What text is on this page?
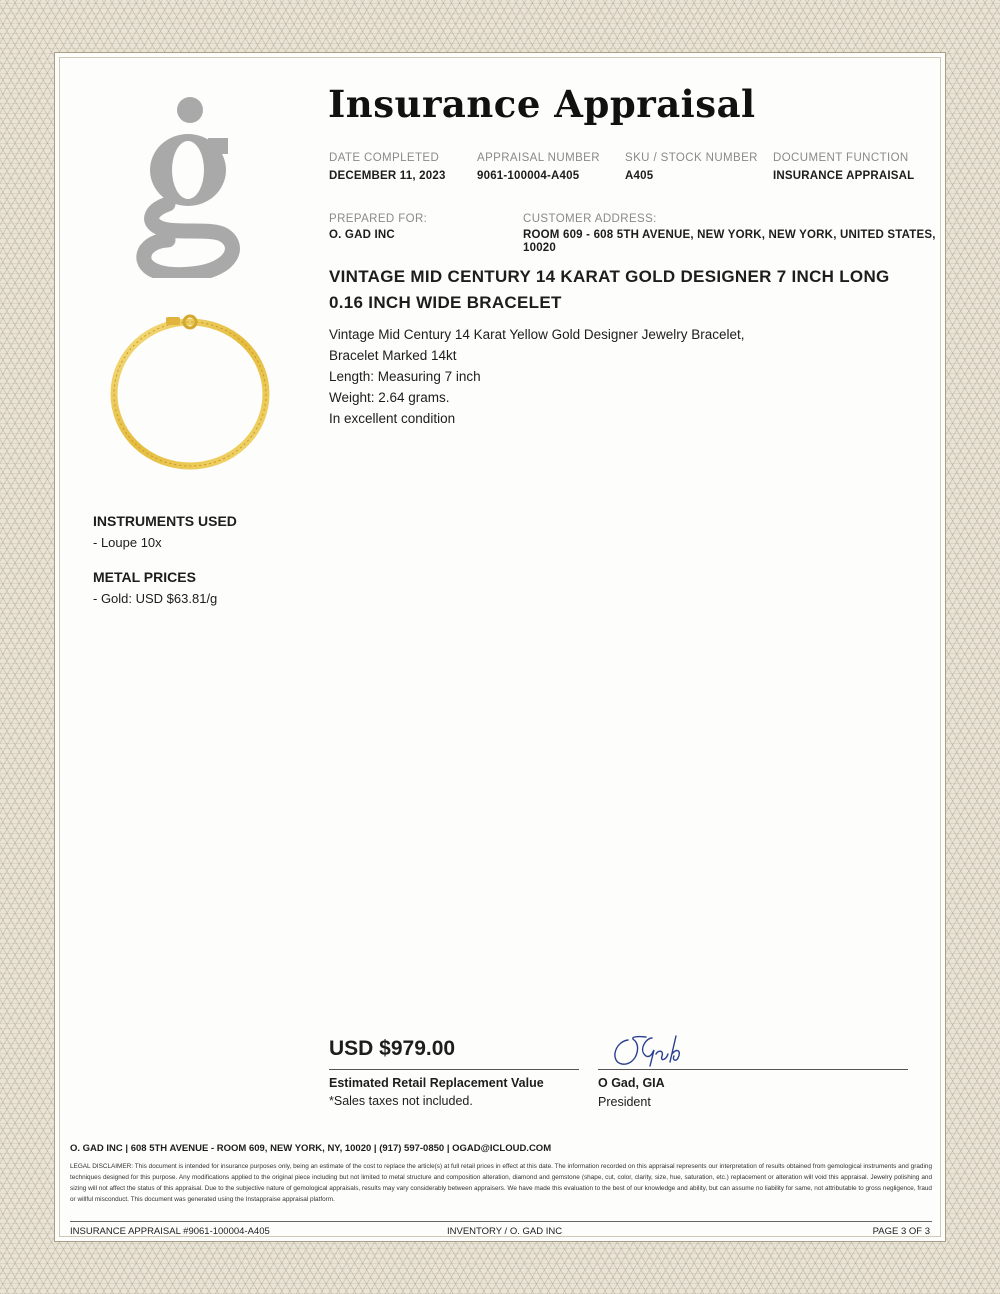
Insurance Appraisal
DATE COMPLETED
DECEMBER 11, 2023
APPRAISAL NUMBER
9061-100004-A405
SKU / STOCK NUMBER
A405
DOCUMENT FUNCTION
INSURANCE APPRAISAL
PREPARED FOR:
O. GAD INC
CUSTOMER ADDRESS:
ROOM 609 - 608 5TH AVENUE, NEW YORK, NEW YORK, UNITED STATES,
10020
VINTAGE MID CENTURY 14 KARAT GOLD DESIGNER 7 INCH LONG
0.16 INCH WIDE BRACELET
Vintage Mid Century 14 Karat Yellow Gold Designer Jewelry Bracelet,
Bracelet Marked 14kt
Length: Measuring 7 inch
Weight: 2.64 grams.
In excellent condition
INSTRUMENTS USED
- Loupe 10x
METAL PRICES
- Gold: USD $63.81/g
USD $979.00
Estimated Retail Replacement Value
*Sales taxes not included.
O Gad, GIA
President
O. GAD INC | 608 5TH AVENUE - ROOM 609, NEW YORK, NY, 10020 | (917) 597-0850 | OGAD@ICLOUD.COM
LEGAL DISCLAIMER: This document is intended for insurance purposes only, being an estimate of the cost to replace the article(s) at full retail prices in effect at this date. The information recorded on this appraisal represents our interpretation of results obtained from gemological instruments and grading techniques designed for this purpose. Any modifications applied to the original piece including but not limited to metal structure and composition alteration, diamond and gemstone (shape, cut, color, clarity, size, hue, saturation, etc.) replacement or alteration will void this appraisal. Jewelry polishing and sizing will not affect the status of this appraisal. Due to the subjective nature of gemological appraisals, results may vary considerably between appraisers. We have made this evaluation to the best of our knowledge and ability, but can assume no liability for same, not attributable to gross negligence, fraud or willful misconduct. This document was generated using the Instappraise appraisal platform.
INSURANCE APPRAISAL #9061-100004-A405	INVENTORY / O. GAD INC	PAGE 3 OF 3
